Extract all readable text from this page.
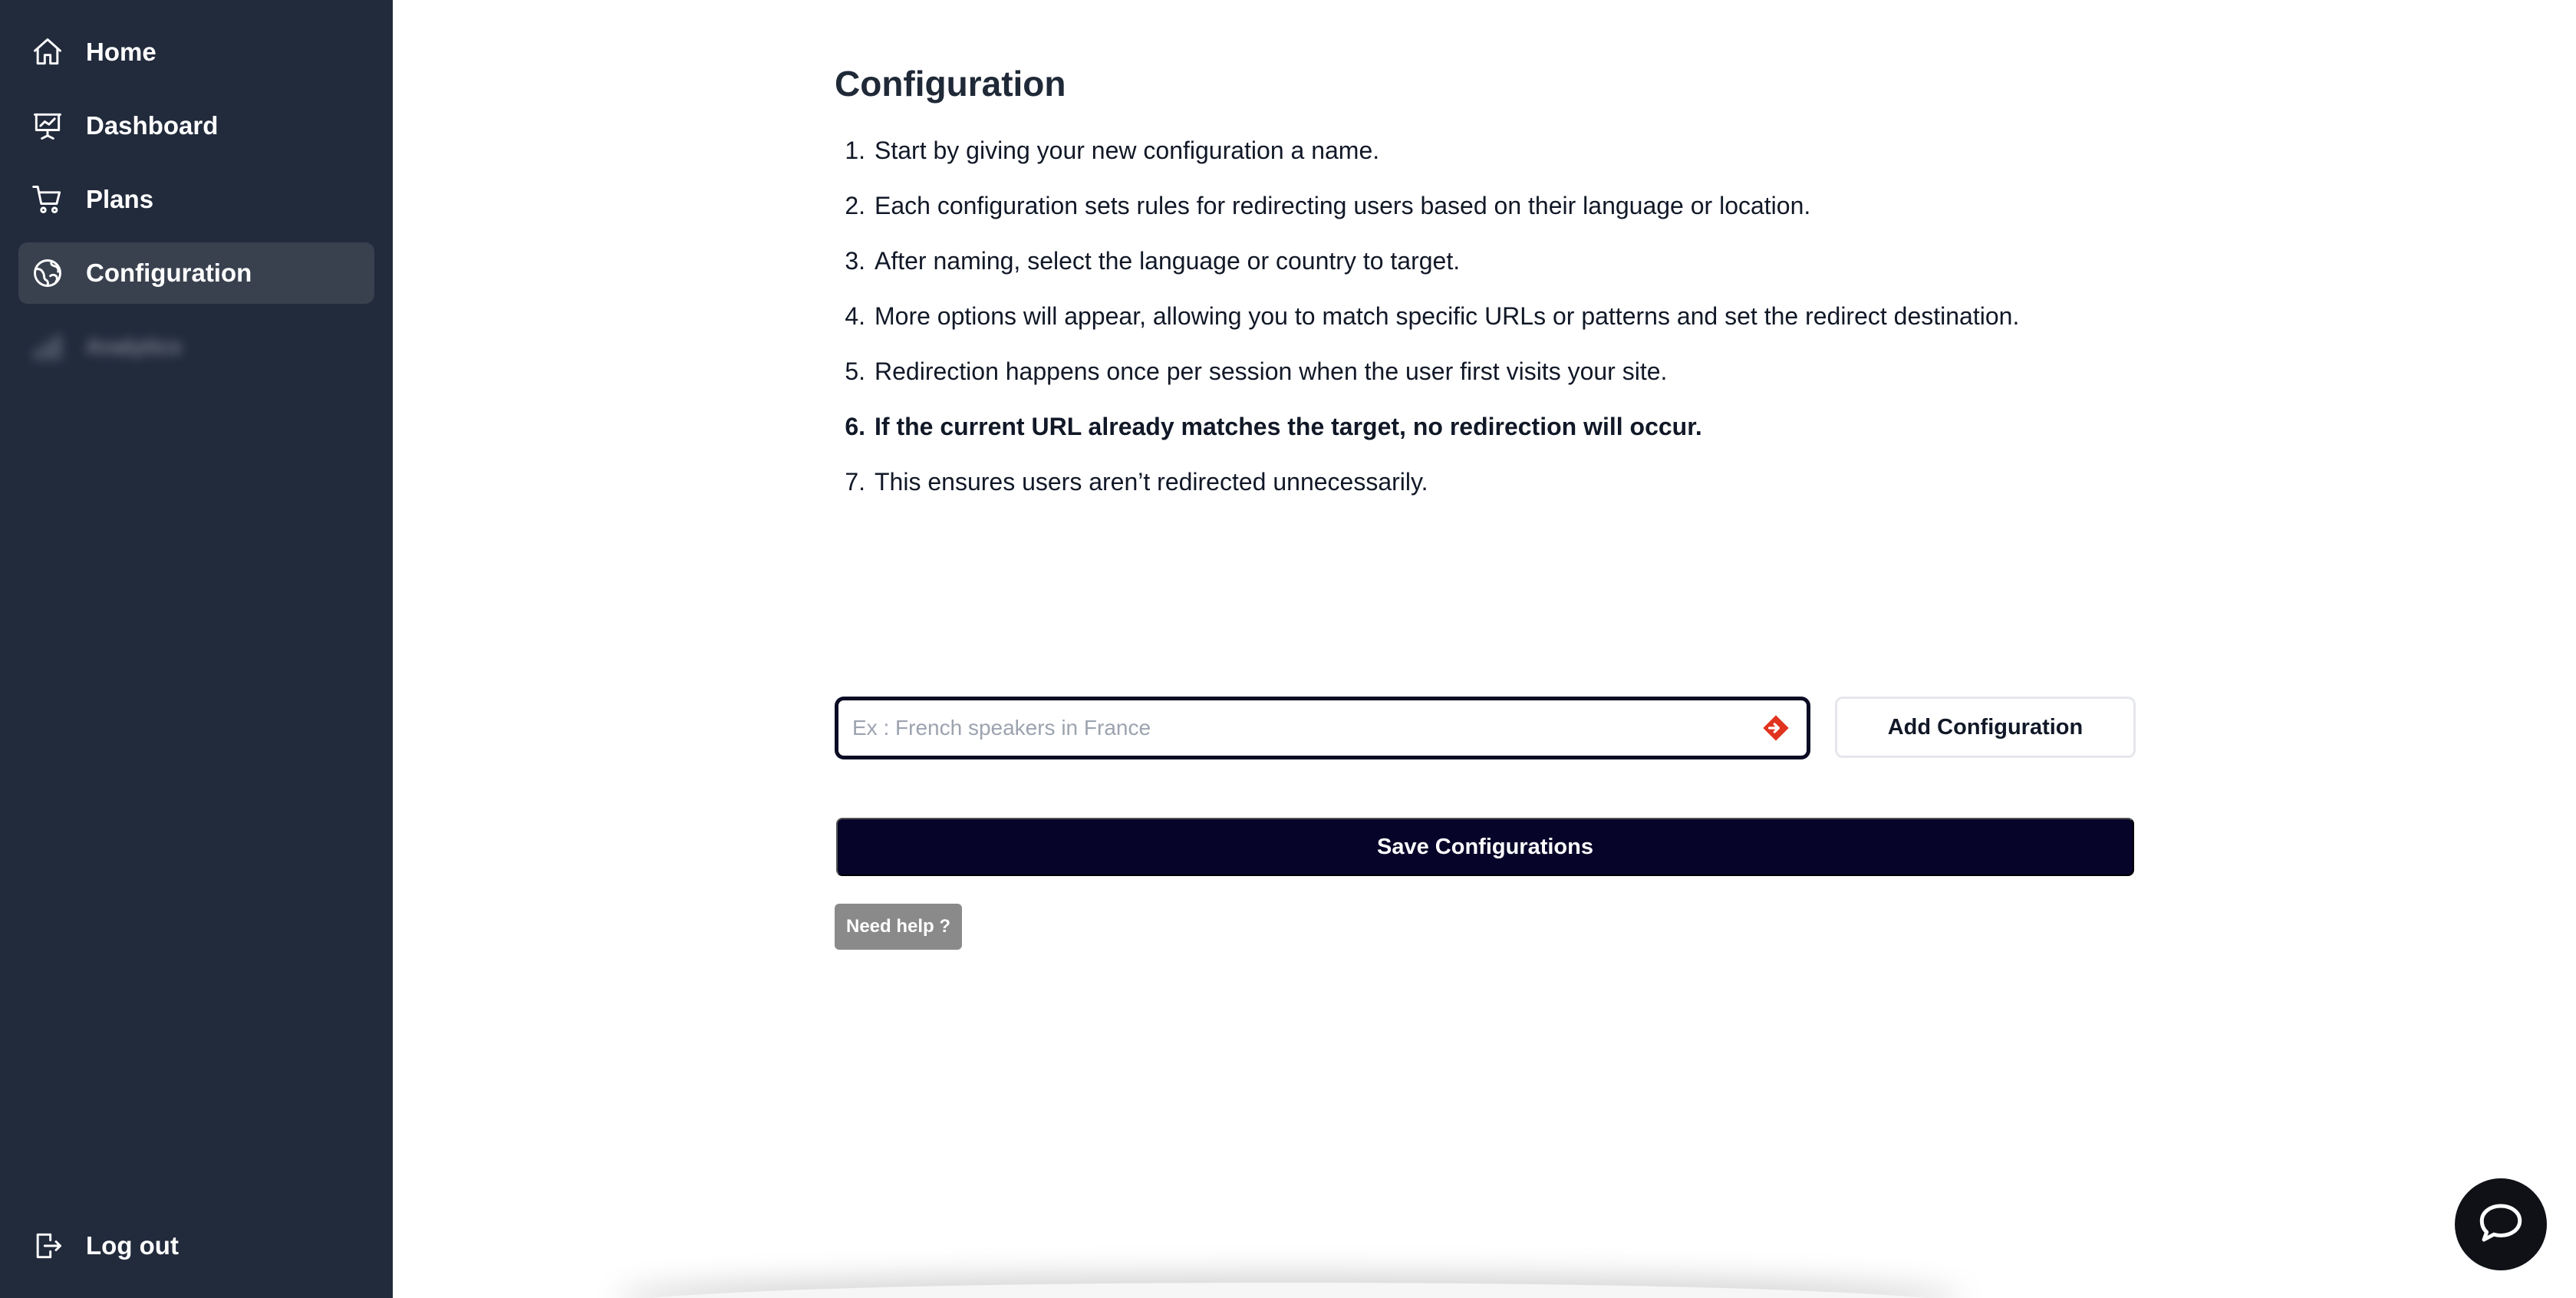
Home
Dashboard
Plans
Configuration
Analytics
Log out
Configuration
1. Start by giving your new configuration a name.
2. Each configuration sets rules for redirecting users based on their language or location.
3. After naming, select the language or country to target.
4. More options will appear, allowing you to match specific URLs or patterns and set the redirect destination.
5. Redirection happens once per session when the user first visits your site.
6. If the current URL already matches the target, no redirection will occur.
7. This ensures users aren’t redirected unnecessarily.
Ex : French speakers in France
Add Configuration
Save Configurations
Need help ?
